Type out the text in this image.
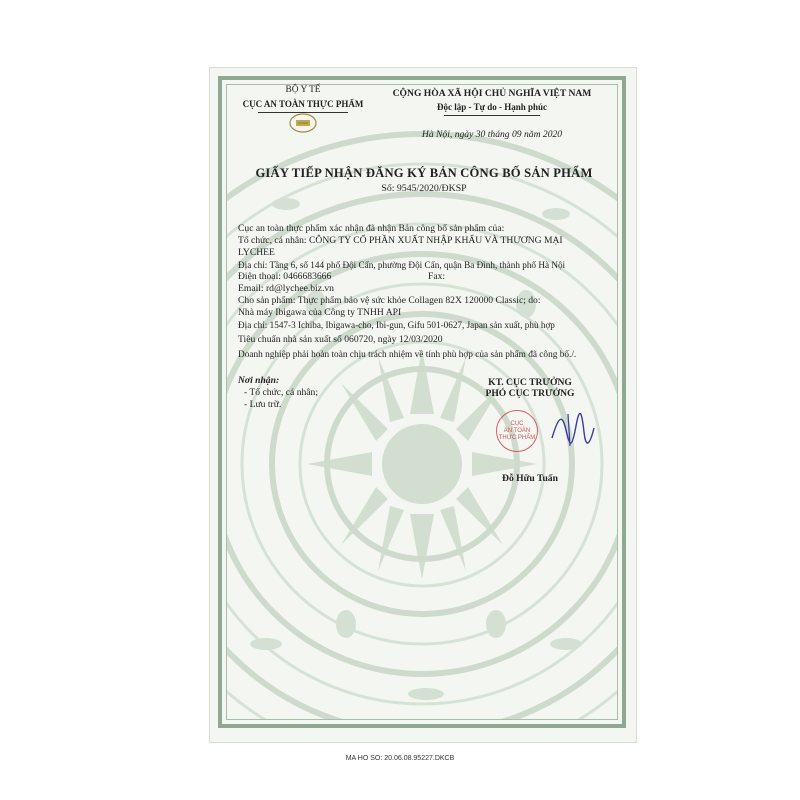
BỘ Y TẾ
CỤC AN TOÀN THỰC PHẨM
CỘNG HÒA XÃ HỘI CHỦ NGHĨA VIỆT NAM
Độc lập - Tự do - Hạnh phúc
Hà Nội, ngày 30 tháng 09 năm 2020
GIẤY TIẾP NHẬN ĐĂNG KÝ BẢN CÔNG BỐ SẢN PHẨM
Số: 9545/2020/ĐKSP
Cục an toàn thực phẩm xác nhận đã nhận Bản công bố sản phẩm của:
Tổ chức, cá nhân: CÔNG TY CỔ PHẦN XUẤT NHẬP KHẨU VÀ THƯƠNG MẠI
LYCHEE
Địa chỉ: Tầng 6, số 144 phố Đội Cấn, phường Đội Cấn, quận Ba Đình, thành phố Hà Nội
Điện thoại: 0466683666	Fax:
Email: rd@lychee.biz.vn
Cho sản phẩm: Thực phẩm bảo vệ sức khỏe Collagen 82X 120000 Classic; do:
Nhà máy Ibigawa của Công ty TNHH API
Địa chỉ: 1547-3 Ichiba, Ibigawa-cho, Ibi-gun, Gifu 501-0627, Japan sản xuất, phù hợp
Tiêu chuẩn nhà sản xuất số 060720, ngày 12/03/2020
Doanh nghiệp phải hoàn toàn chịu trách nhiệm về tính phù hợp của sản phẩm đã công bố./.
Nơi nhận:
- Tổ chức, cá nhân;
- Lưu trữ.
KT. CỤC TRƯỞNG
PHÓ CỤC TRƯỞNG
Đỗ Hữu Tuấn
CỤC
AN TOÀN
THỰC PHẨM
MA HO SO: 20.06.08.95227.DKCB
